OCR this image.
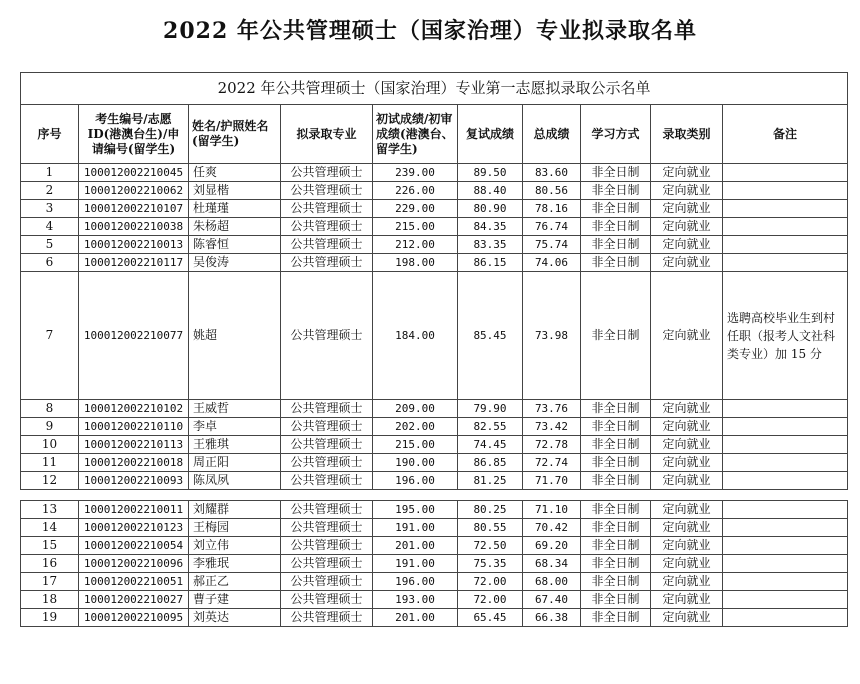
2022 年公共管理硕士（国家治理）专业拟录取名单
2022 年公共管理硕士（国家治理）专业第一志愿拟录取公示名单									
序号	考生编号/志愿ID(港澳台生)/申请编号(留学生)	姓名/护照姓名(留学生)	拟录取专业	初试成绩/初审成绩(港澳台、留学生)	复试成绩	总成绩	学习方式	录取类别	备注
1	100012002210045	任爽	公共管理硕士	239.00	89.50	83.60	非全日制	定向就业	
2	100012002210062	刘显楷	公共管理硕士	226.00	88.40	80.56	非全日制	定向就业	
3	100012002210107	杜瑾瑾	公共管理硕士	229.00	80.90	78.16	非全日制	定向就业	
4	100012002210038	朱杨超	公共管理硕士	215.00	84.35	76.74	非全日制	定向就业	
5	100012002210013	陈睿恒	公共管理硕士	212.00	83.35	75.74	非全日制	定向就业	
6	100012002210117	吴俊涛	公共管理硕士	198.00	86.15	74.06	非全日制	定向就业	
7	100012002210077	姚超	公共管理硕士	184.00	85.45	73.98	非全日制	定向就业	选聘高校毕业生到村任职（报考人文社科类专业）加 15 分
8	100012002210102	王威哲	公共管理硕士	209.00	79.90	73.76	非全日制	定向就业	
9	100012002210110	李卓	公共管理硕士	202.00	82.55	73.42	非全日制	定向就业	
10	100012002210113	王雅琪	公共管理硕士	215.00	74.45	72.78	非全日制	定向就业	
11	100012002210018	周正阳	公共管理硕士	190.00	86.85	72.74	非全日制	定向就业	
12	100012002210093	陈凤夙	公共管理硕士	196.00	81.25	71.70	非全日制	定向就业	

13	100012002210011	刘耀群	公共管理硕士	195.00	80.25	71.10	非全日制	定向就业	
14	100012002210123	王梅园	公共管理硕士	191.00	80.55	70.42	非全日制	定向就业	
15	100012002210054	刘立伟	公共管理硕士	201.00	72.50	69.20	非全日制	定向就业	
16	100012002210096	李雅珉	公共管理硕士	191.00	75.35	68.34	非全日制	定向就业	
17	100012002210051	郝正乙	公共管理硕士	196.00	72.00	68.00	非全日制	定向就业	
18	100012002210027	曹子建	公共管理硕士	193.00	72.00	67.40	非全日制	定向就业	
19	100012002210095	刘英达	公共管理硕士	201.00	65.45	66.38	非全日制	定向就业	
